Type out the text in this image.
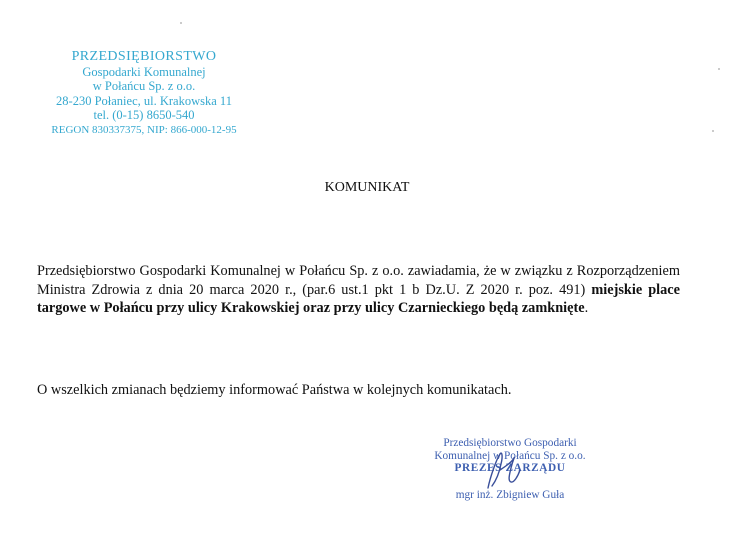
PRZEDSIĘBIORSTWO
Gospodarki Komunalnej
w Połańcu Sp. z o.o.
28-230 Połaniec, ul. Krakowska 11
tel. (0-15) 8650-540
REGON 830337375, NIP: 866-000-12-95
KOMUNIKAT

Przedsiębiorstwo Gospodarki Komunalnej w Połańcu Sp. z o.o. zawiadamia, że w związku z Rozporządzeniem Ministra Zdrowia z dnia 20 marca 2020 r., (par.6 ust.1 pkt 1 b Dz.U. Z 2020 r. poz. 491) miejskie place targowe w Połańcu przy ulicy Krakowskiej oraz przy ulicy Czarnieckiego będą zamknięte.

O wszelkich zmianach będziemy informować Państwa w kolejnych komunikatach.
Przedsiębiorstwo Gospodarki
Komunalnej w Połańcu Sp. z o.o.
PREZES ZARZĄDU
mgr inż. Zbigniew Guła
